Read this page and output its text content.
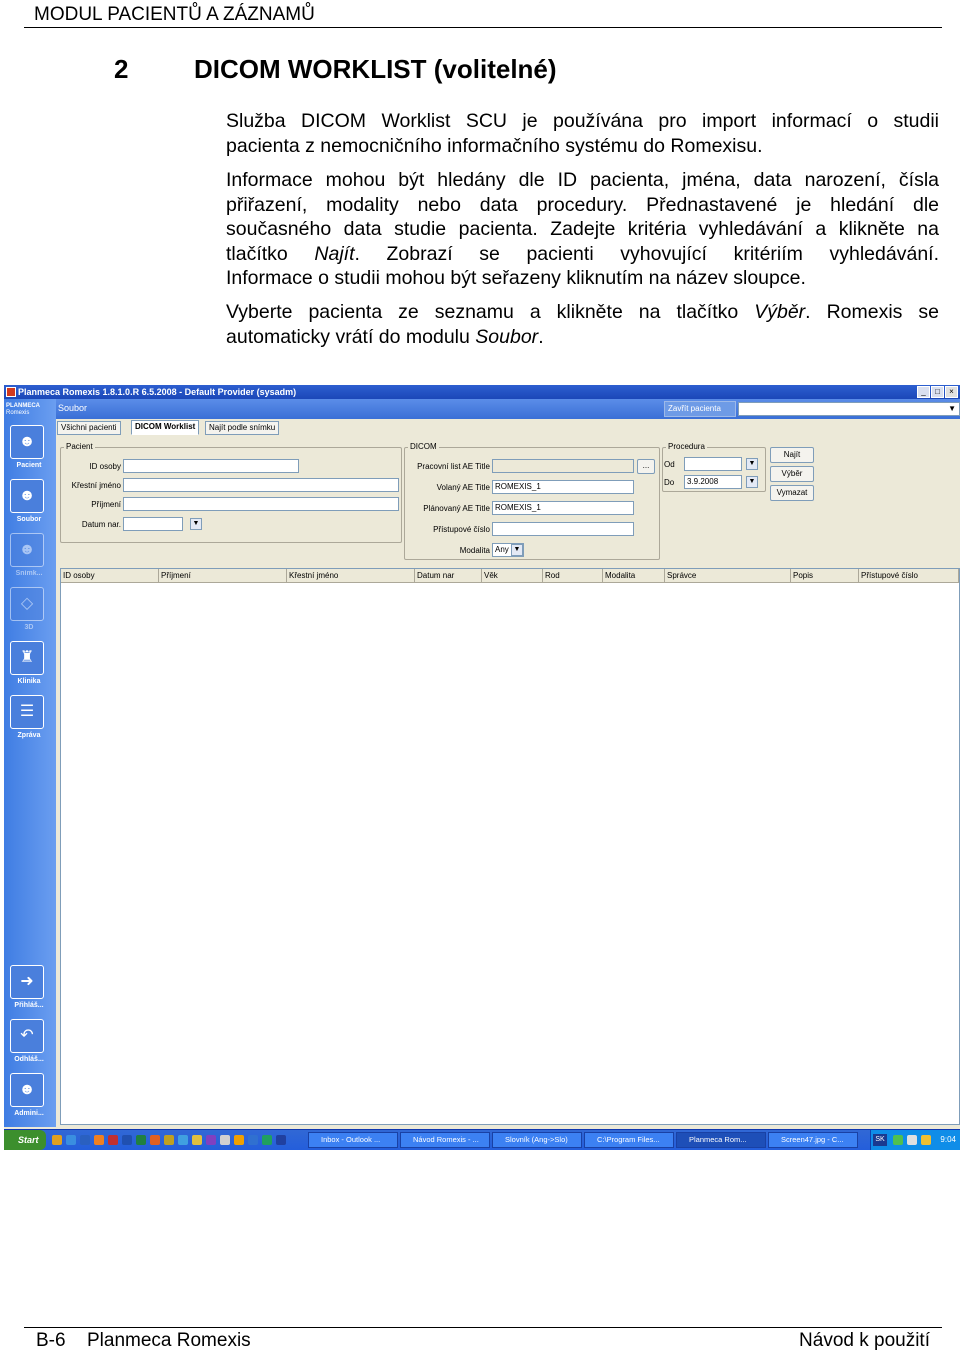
MODUL PACIENTŮ A ZÁZNAMŮ
2	DICOM WORKLIST (volitelné)
Služba DICOM Worklist SCU je používána pro import informací o studii
pacienta z nemocničního informačního systému do Romexisu.
Informace mohou být hledány dle ID pacienta, jména, data narození, čísla
přiřazení, modality nebo data procedury. Přednastavené je hledání dle
současného data studie pacienta. Zadejte kritéria vyhledávání a klikněte na
tlačítko Najít. Zobrazí se pacienti vyhovující kritériím vyhledávání.
Informace o studii mohou být seřazeny kliknutím na název sloupce.
Vyberte pacienta ze seznamu a klikněte na tlačítko Výběr. Romexis se
automaticky vrátí do modulu Soubor.
Planmeca Romexis 1.8.1.0.R 6.5.2008 - Default Provider (sysadm)	_	□	×
Soubor	Zavřít pacienta	▼
PLANMECA
Romexis
☻
Pacient
☻
Soubor
☻
Snímk...
◇
3D
♜
Klinika
☰
Zpráva
➜
Přihláš...
↶
Odhláš...
☻
Admini...
Všichni pacienti	DICOM Worklist	Najít podle snímku
Pacient
ID osoby
Křestní jméno
Příjmení
Datum nar.	▼
DICOM
Pracovní list AE Title	...
Volaný AE Title ROMEXIS_1
Plánovaný AE Title ROMEXIS_1
Přístupové číslo
Modalita Any ▼
Procedura
Od	▼
Do	3.9.2008	▼
Najít
Výběr
Vymazat
ID osoby	Příjmení	Křestní jméno	Datum nar	Věk	Rod	Modalita	Správce	Popis	Přístupové číslo
Start	Inbox - Outlook ...	Návod Romexis - ...	Slovník (Ang->Slo)	C:\Program Files...	Planmeca Rom...	Screen47.jpg - C...	SK	9:04
B-6 Planmeca Romexis	Návod k použití
